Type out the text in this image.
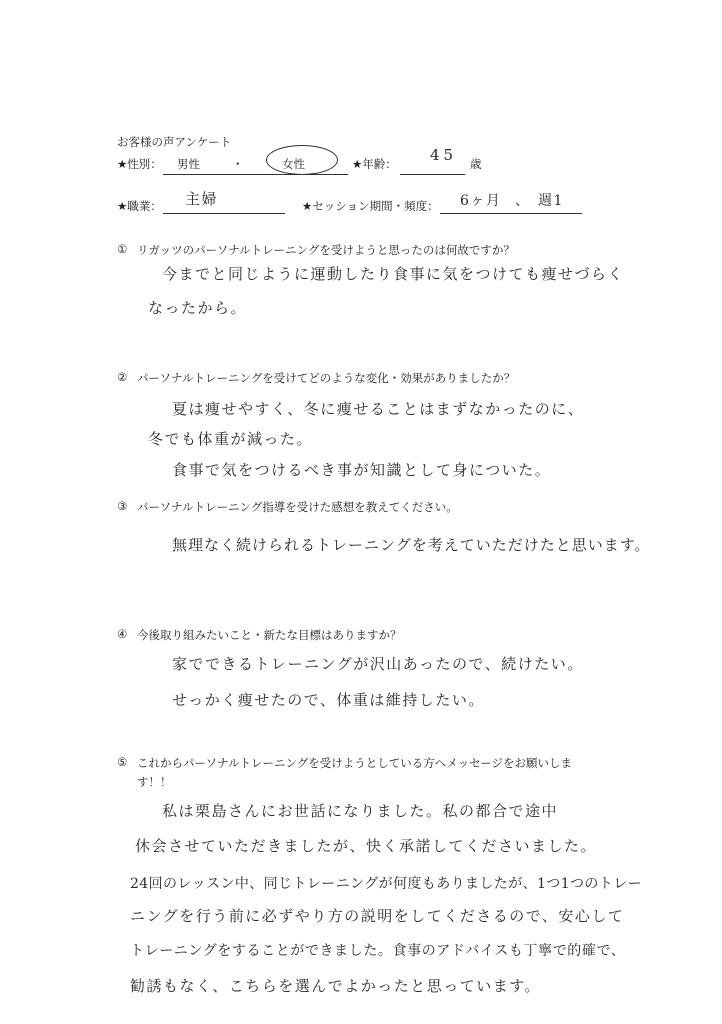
お客様の声アンケート
★性別： 男性	・	女性	★年齢： 45 歳
★職業： 主婦	★セッション期間・頻度： 6ヶ月 、 週1
① リガッツのパーソナルトレーニングを受けようと思ったのは何故ですか？
今までと同じように運動したり食事に気をつけても痩せづらく
なったから。
② パーソナルトレーニングを受けてどのような変化・効果がありましたか？
夏は痩せやすく、冬に痩せることはまずなかったのに、
冬でも体重が減った。
食事で気をつけるべき事が知識として身についた。
③ パーソナルトレーニング指導を受けた感想を教えてください。
無理なく続けられるトレーニングを考えていただけたと思います。
④ 今後取り組みたいこと・新たな目標はありますか？
家でできるトレーニングが沢山あったので、続けたい。
せっかく痩せたので、体重は維持したい。
⑤ これからパーソナルトレーニングを受けようとしている方へメッセージをお願いしま
す！！
私は栗島さんにお世話になりました。私の都合で途中
休会させていただきましたが、快く承諾してくださいました。
24回のレッスン中、同じトレーニングが何度もありましたが、1つ1つのトレー
ニングを行う前に必ずやり方の説明をしてくださるので、安心して
トレーニングをすることができました。食事のアドバイスも丁寧で的確で、
勧誘もなく、こちらを選んでよかったと思っています。
